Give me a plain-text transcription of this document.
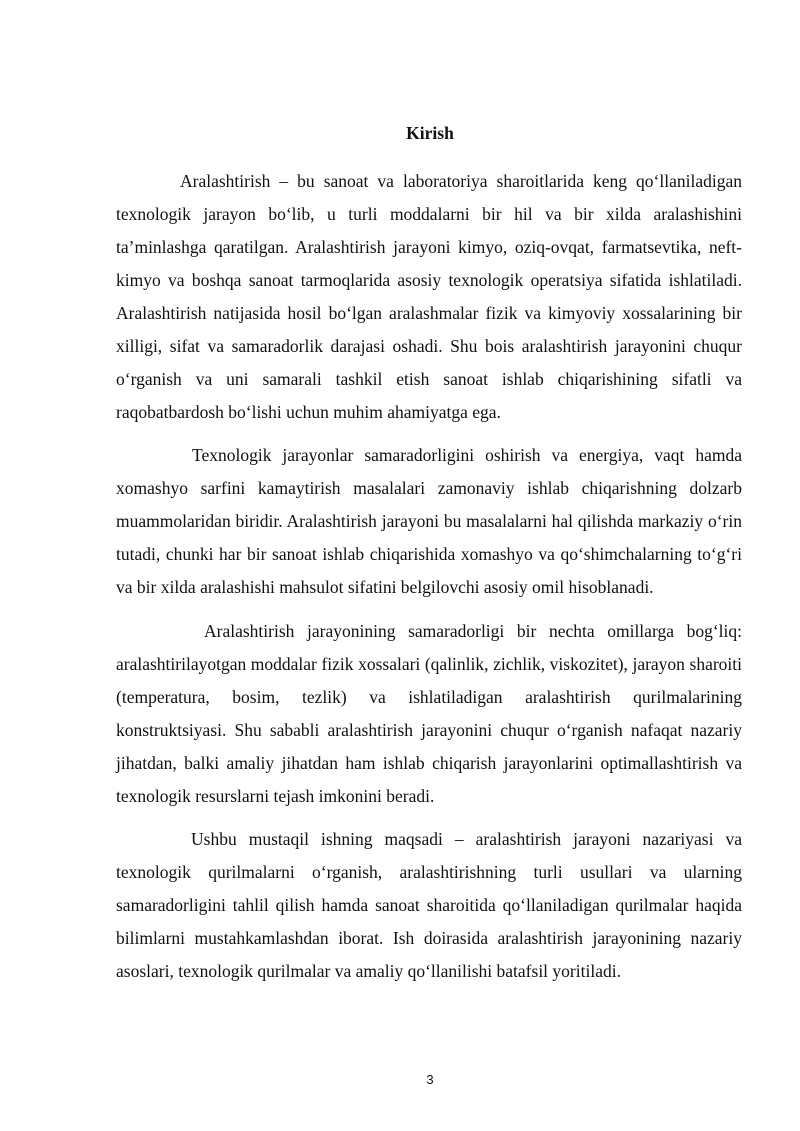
Kirish

Aralashtirish – bu sanoat va laboratoriya sharoitlarida keng qo‘llaniladigan texnologik jarayon bo‘lib, u turli moddalarni bir hil va bir xilda aralashishini ta’minlashga qaratilgan. Aralashtirish jarayoni kimyo, oziq-ovqat, farmatsevtika, neft-kimyo va boshqa sanoat tarmoqlarida asosiy texnologik operatsiya sifatida ishlatiladi. Aralashtirish natijasida hosil bo‘lgan aralashmalar fizik va kimyoviy xossalarining bir xilligi, sifat va samaradorlik darajasi oshadi. Shu bois aralashtirish jarayonini chuqur o‘rganish va uni samarali tashkil etish sanoat ishlab chiqarishining sifatli va raqobatbardosh bo‘lishi uchun muhim ahamiyatga ega.

Texnologik jarayonlar samaradorligini oshirish va energiya, vaqt hamda xomashyo sarfini kamaytirish masalalari zamonaviy ishlab chiqarishning dolzarb muammolaridan biridir. Aralashtirish jarayoni bu masalalarni hal qilishda markaziy o‘rin tutadi, chunki har bir sanoat ishlab chiqarishida xomashyo va qo‘shimchalarning to‘g‘ri va bir xilda aralashishi mahsulot sifatini belgilovchi asosiy omil hisoblanadi.

Aralashtirish jarayonining samaradorligi bir nechta omillarga bog‘liq: aralashtirilayotgan moddalar fizik xossalari (qalinlik, zichlik, viskozitet), jarayon sharoiti (temperatura, bosim, tezlik) va ishlatiladigan aralashtirish qurilmalarining konstruktsiyasi. Shu sababli aralashtirish jarayonini chuqur o‘rganish nafaqat nazariy jihatdan, balki amaliy jihatdan ham ishlab chiqarish jarayonlarini optimallashtirish va texnologik resurslarni tejash imkonini beradi.

Ushbu mustaqil ishning maqsadi – aralashtirish jarayoni nazariyasi va texnologik qurilmalarni o‘rganish, aralashtirishning turli usullari va ularning samaradorligini tahlil qilish hamda sanoat sharoitida qo‘llaniladigan qurilmalar haqida bilimlarni mustahkamlashdan iborat. Ish doirasida aralashtirish jarayonining nazariy asoslari, texnologik qurilmalar va amaliy qo‘llanilishi batafsil yoritiladi.

3
